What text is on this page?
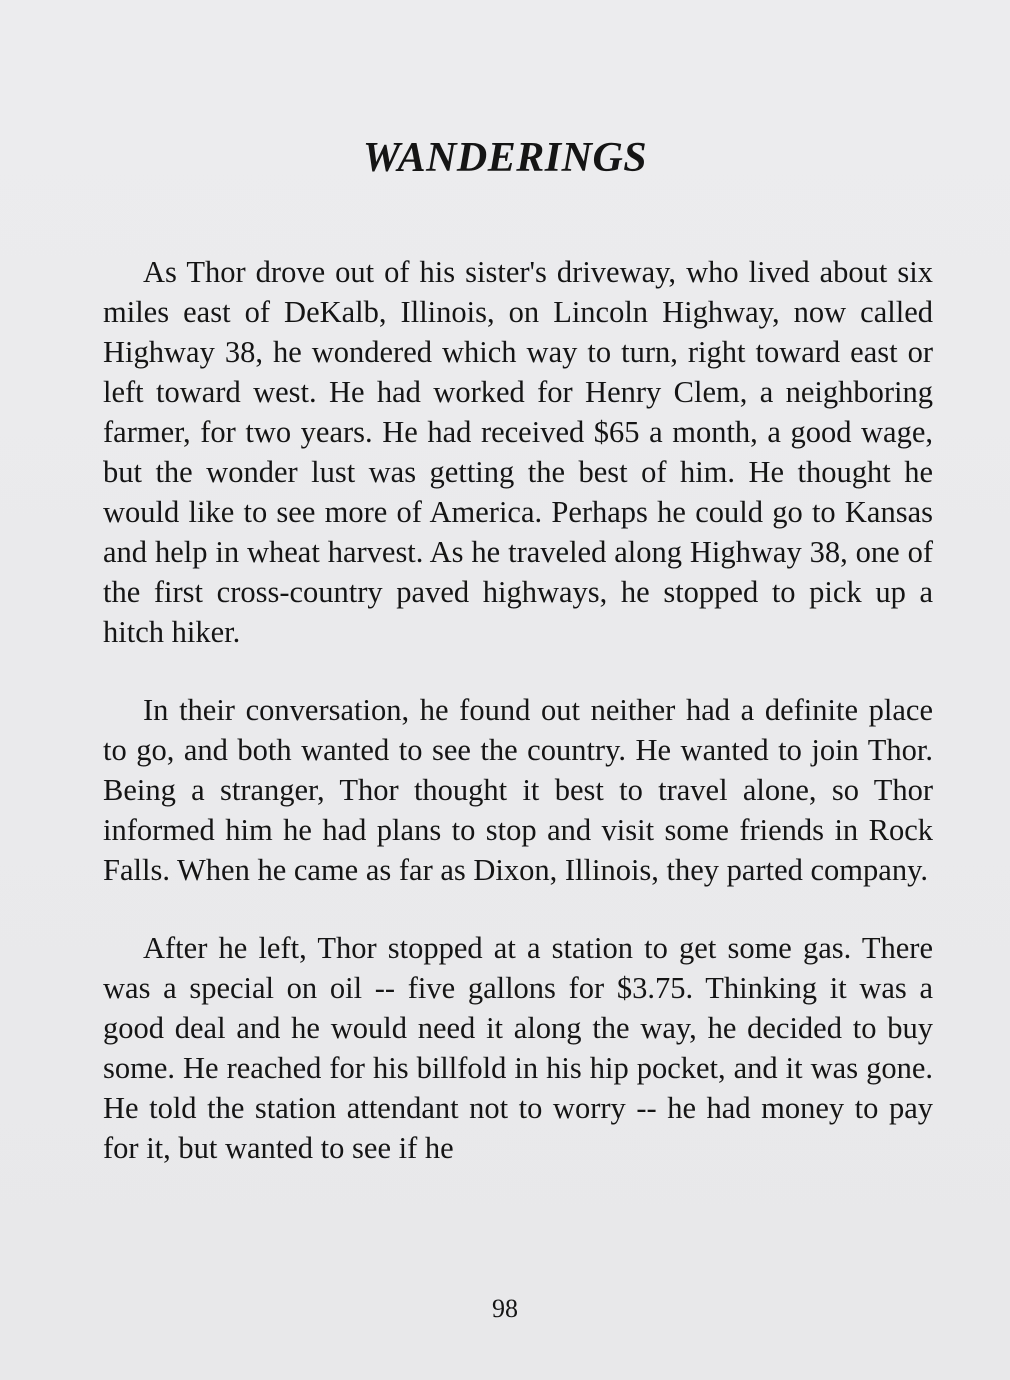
WANDERINGS

As Thor drove out of his sister's driveway, who lived about six miles east of DeKalb, Illinois, on Lincoln Highway, now called Highway 38, he wondered which way to turn, right toward east or left toward west. He had worked for Henry Clem, a neighboring farmer, for two years. He had received $65 a month, a good wage, but the wonder lust was getting the best of him. He thought he would like to see more of America. Perhaps he could go to Kansas and help in wheat harvest. As he traveled along Highway 38, one of the first cross-country paved highways, he stopped to pick up a hitch hiker.

In their conversation, he found out neither had a definite place to go, and both wanted to see the country. He wanted to join Thor. Being a stranger, Thor thought it best to travel alone, so Thor informed him he had plans to stop and visit some friends in Rock Falls. When he came as far as Dixon, Illinois, they parted company.

After he left, Thor stopped at a station to get some gas. There was a special on oil -- five gallons for $3.75. Thinking it was a good deal and he would need it along the way, he decided to buy some. He reached for his billfold in his hip pocket, and it was gone. He told the station attendant not to worry -- he had money to pay for it, but wanted to see if he

98
